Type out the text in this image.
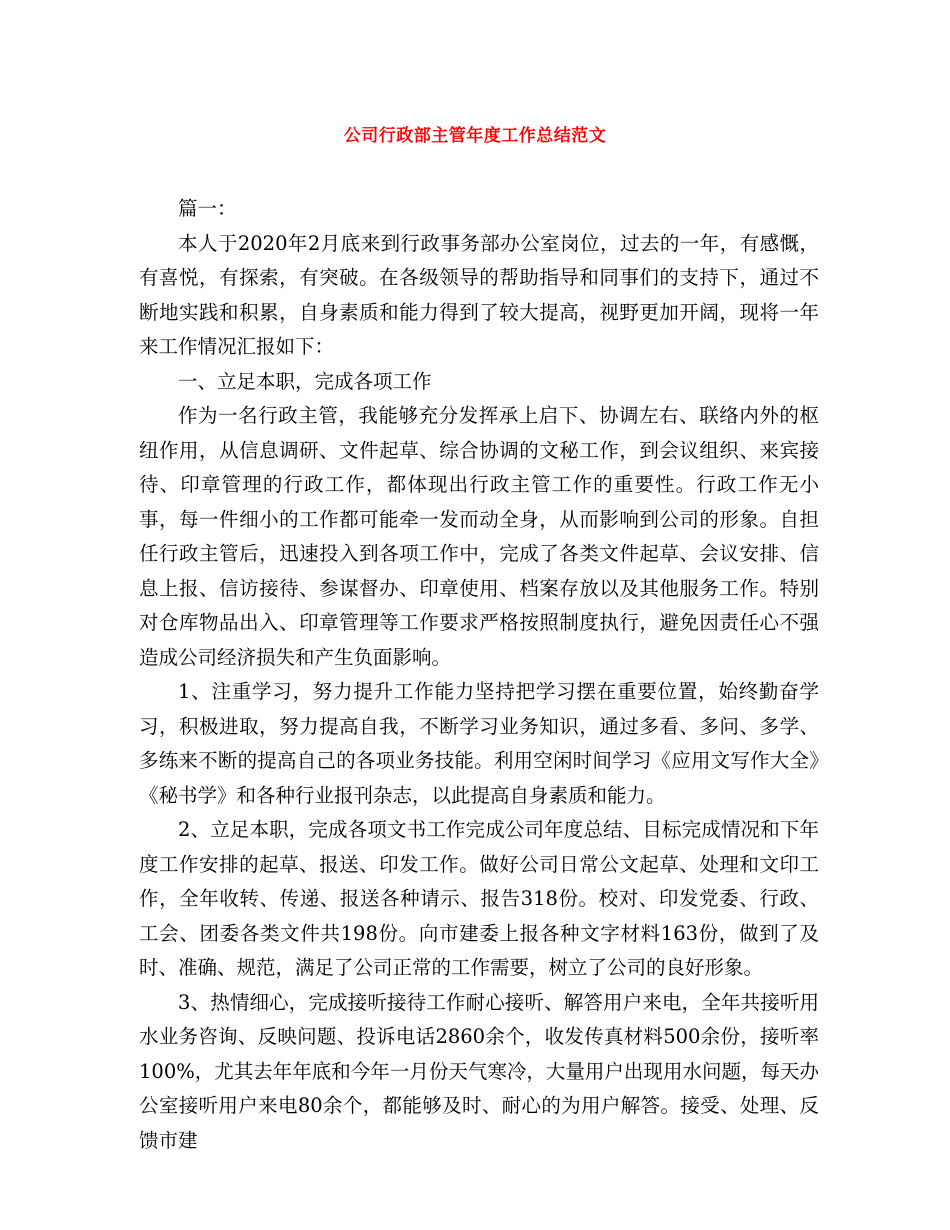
公司行政部主管年度工作总结范文

篇一：

本人于2020年2月底来到行政事务部办公室岗位，过去的一年，有感慨，有喜悦，有探索，有突破。在各级领导的帮助指导和同事们的支持下，通过不断地实践和积累，自身素质和能力得到了较大提高，视野更加开阔，现将一年来工作情况汇报如下：

一、立足本职，完成各项工作

作为一名行政主管，我能够充分发挥承上启下、协调左右、联络内外的枢纽作用，从信息调研、文件起草、综合协调的文秘工作，到会议组织、来宾接待、印章管理的行政工作，都体现出行政主管工作的重要性。行政工作无小事，每一件细小的工作都可能牵一发而动全身，从而影响到公司的形象。自担任行政主管后，迅速投入到各项工作中，完成了各类文件起草、会议安排、信息上报、信访接待、参谋督办、印章使用、档案存放以及其他服务工作。特别对仓库物品出入、印章管理等工作要求严格按照制度执行，避免因责任心不强造成公司经济损失和产生负面影响。

1、注重学习，努力提升工作能力坚持把学习摆在重要位置，始终勤奋学习，积极进取，努力提高自我，不断学习业务知识，通过多看、多问、多学、多练来不断的提高自己的各项业务技能。利用空闲时间学习《应用文写作大全》《秘书学》和各种行业报刊杂志，以此提高自身素质和能力。

2、立足本职，完成各项文书工作完成公司年度总结、目标完成情况和下年度工作安排的起草、报送、印发工作。做好公司日常公文起草、处理和文印工作，全年收转、传递、报送各种请示、报告318份。校对、印发党委、行政、工会、团委各类文件共198份。向市建委上报各种文字材料163份，做到了及时、准确、规范，满足了公司正常的工作需要，树立了公司的良好形象。

3、热情细心，完成接听接待工作耐心接听、解答用户来电，全年共接听用水业务咨询、反映问题、投诉电话2860余个，收发传真材料500余份，接听率100%，尤其去年年底和今年一月份天气寒冷，大量用户出现用水问题，每天办公室接听用户来电80余个，都能够及时、耐心的为用户解答。接受、处理、反馈市建
